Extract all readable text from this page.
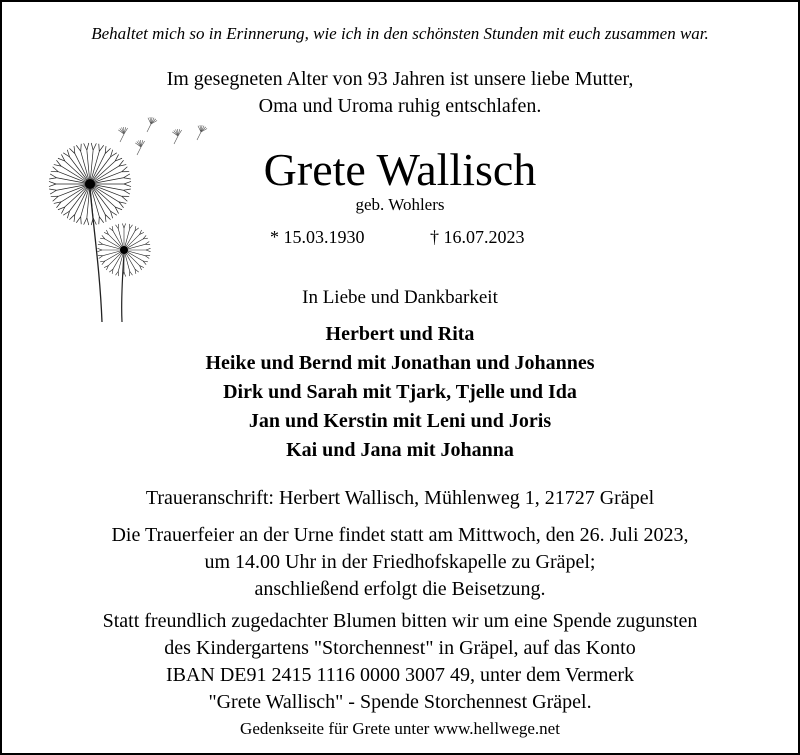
Behaltet mich so in Erinnerung, wie ich in den schönsten Stunden mit euch zusammen war.
Im gesegneten Alter von 93 Jahren ist unsere liebe Mutter,
Oma und Uroma ruhig entschlafen.
Grete Wallisch
geb. Wohlers
* 15.03.1930	† 16.07.2023
In Liebe und Dankbarkeit
Herbert und Rita
Heike und Bernd mit Jonathan und Johannes
Dirk und Sarah mit Tjark, Tjelle und Ida
Jan und Kerstin mit Leni und Joris
Kai und Jana mit Johanna
Traueranschrift: Herbert Wallisch, Mühlenweg 1, 21727 Gräpel
Die Trauerfeier an der Urne findet statt am Mittwoch, den 26. Juli 2023,
um 14.00 Uhr in der Friedhofskapelle zu Gräpel;
anschließend erfolgt die Beisetzung.
Statt freundlich zugedachter Blumen bitten wir um eine Spende zugunsten
des Kindergartens "Storchennest" in Gräpel, auf das Konto
IBAN DE91 2415 1116 0000 3007 49, unter dem Vermerk
"Grete Wallisch" - Spende Storchennest Gräpel.
Gedenkseite für Grete unter www.hellwege.net
